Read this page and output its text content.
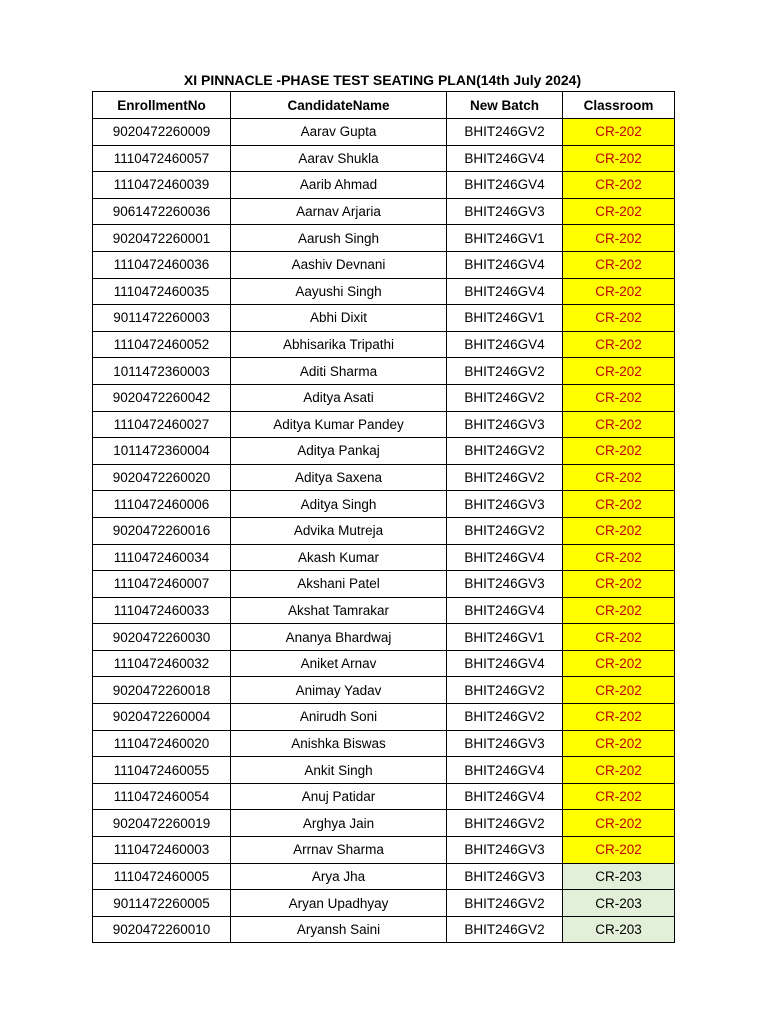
XI PINNACLE -PHASE TEST SEATING PLAN(14th July 2024)
EnrollmentNo	CandidateName	New Batch	Classroom
9020472260009	Aarav Gupta	BHIT246GV2	CR-202
1110472460057	Aarav Shukla	BHIT246GV4	CR-202
1110472460039	Aarib Ahmad	BHIT246GV4	CR-202
9061472260036	Aarnav Arjaria	BHIT246GV3	CR-202
9020472260001	Aarush Singh	BHIT246GV1	CR-202
1110472460036	Aashiv Devnani	BHIT246GV4	CR-202
1110472460035	Aayushi Singh	BHIT246GV4	CR-202
9011472260003	Abhi Dixit	BHIT246GV1	CR-202
1110472460052	Abhisarika Tripathi	BHIT246GV4	CR-202
1011472360003	Aditi Sharma	BHIT246GV2	CR-202
9020472260042	Aditya Asati	BHIT246GV2	CR-202
1110472460027	Aditya Kumar Pandey	BHIT246GV3	CR-202
1011472360004	Aditya Pankaj	BHIT246GV2	CR-202
9020472260020	Aditya Saxena	BHIT246GV2	CR-202
1110472460006	Aditya Singh	BHIT246GV3	CR-202
9020472260016	Advika Mutreja	BHIT246GV2	CR-202
1110472460034	Akash Kumar	BHIT246GV4	CR-202
1110472460007	Akshani Patel	BHIT246GV3	CR-202
1110472460033	Akshat Tamrakar	BHIT246GV4	CR-202
9020472260030	Ananya Bhardwaj	BHIT246GV1	CR-202
1110472460032	Aniket Arnav	BHIT246GV4	CR-202
9020472260018	Animay Yadav	BHIT246GV2	CR-202
9020472260004	Anirudh Soni	BHIT246GV2	CR-202
1110472460020	Anishka Biswas	BHIT246GV3	CR-202
1110472460055	Ankit Singh	BHIT246GV4	CR-202
1110472460054	Anuj Patidar	BHIT246GV4	CR-202
9020472260019	Arghya Jain	BHIT246GV2	CR-202
1110472460003	Arrnav Sharma	BHIT246GV3	CR-202
1110472460005	Arya Jha	BHIT246GV3	CR-203
9011472260005	Aryan Upadhyay	BHIT246GV2	CR-203
9020472260010	Aryansh Saini	BHIT246GV2	CR-203
